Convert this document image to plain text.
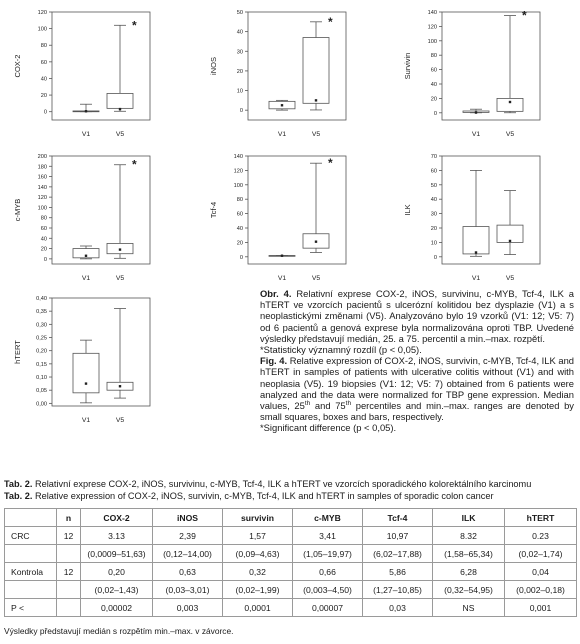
0
20
40
60
80
100
120
COX-2
V1	V5
*
0
10
20
30
40
50
iNOS
V1	V5
*
0
20
40
60
80
100
120
140
Survivin
V1	V5
*
0
20
40
60
80
100
120
140
160
180
200
c-MYB
V1	V5
*
0
20
40
60
80
100
120
140
Tcf-4
V1	V5
*
0
10
20
30
40
50
60
70
ILK
V1	V5
0,00
0,05
0,10
0,15
0,20
0,25
0,30
0,35
0,40
hTERT
V1	V5

Obr. 4. Relativní exprese COX-2, iNOS, survivinu, c-MYB, Tcf-4, ILK a hTERT ve vzorcích pacientů s ulcerózní kolitidou bez dysplazie (V1) a s neoplastickými změnami (V5). Analyzováno bylo 19 vzorků (V1: 12; V5: 7) od 6 pacientů a genová exprese byla normalizována oproti TBP. Uvedené výsledky představují medián, 25. a 75. percentil a min.–max. rozpětí.

*Statisticky významný rozdíl (p < 0,05).

Fig. 4. Relative expression of COX-2, iNOS, survivin, c-MYB, Tcf-4, ILK and hTERT in samples of patients with ulcerative colitis without (V1) and with neoplasia (V5). 19 biopsies (V1: 12; V5: 7) obtained from 6 patients were analyzed and the data were normalized for TBP gene expression. Median values, 25th and 75th percentiles and min.–max. ranges are denoted by small squares, boxes and bars, respectively.

*Significant difference (p < 0,05).

Tab. 2. Relativní exprese COX-2, iNOS, survivinu, c-MYB, Tcf-4, ILK a hTERT ve vzorcích sporadického kolorektálního karcinomu
Tab. 2. Relative expression of COX-2, iNOS, survivin, c-MYB, Tcf-4, ILK and hTERT in samples of sporadic colon cancer
	n	COX-2	iNOS	survivin	c-MYB	Tcf-4	ILK	hTERT
CRC	12	3.13	2,39	1,57	3,41	10,97	8.32	0.23
		(0,0009–51,63)	(0,12–14,00)	(0,09–4,63)	(1,05–19,97)	(6,02–17,88)	(1,58–65,34)	(0,02–1,74)
Kontrola	12	0,20	0,63	0,32	0,66	5,86	6,28	0,04
		(0,02–1,43)	(0,03–3,01)	(0,02–1,99)	(0,003–4,50)	(1,27–10,85)	(0,32–54,95)	(0,002–0,18)
P <		0,00002	0,003	0,0001	0,00007	0,03	NS	0,001
Výsledky představují medián s rozpětím min.–max. v závorce.
